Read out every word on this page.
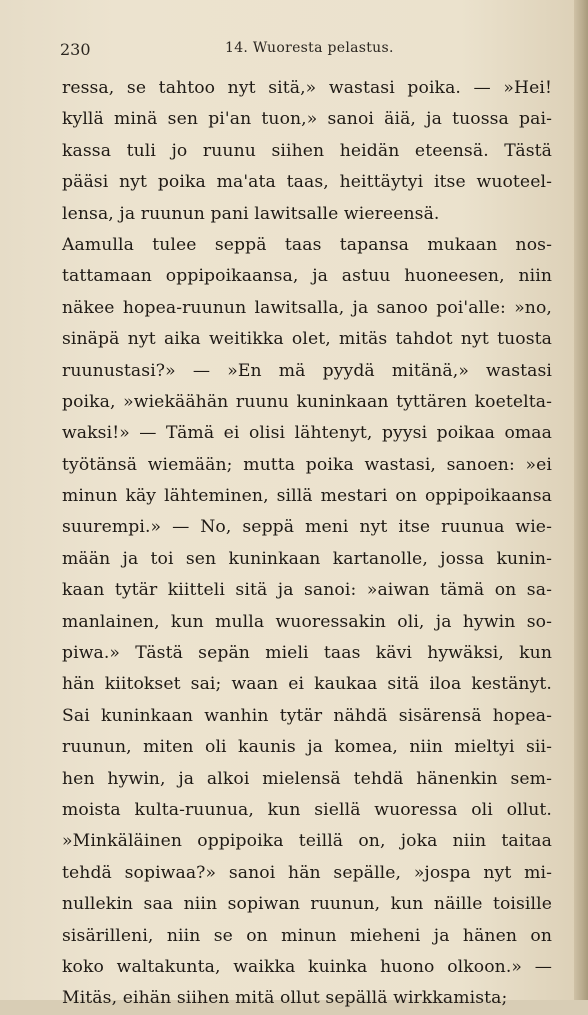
230	14. Wuoresta pelastus.
ressa, se tahtoo nyt sitä,» wastasi poika. — »Hei!
kyllä minä sen pi'an tuon,» sanoi äiä, ja tuossa pai-
kassa tuli jo ruunu siihen heidän eteensä. Tästä
pääsi nyt poika ma'ata taas, heittäytyi itse wuoteel-
lensa, ja ruunun pani lawitsalle wiereensä.
Aamulla tulee seppä taas tapansa mukaan nos-
tattamaan oppipoikaansa, ja astuu huoneesen, niin
näkee hopea-ruunun lawitsalla, ja sanoo poi'alle: »no,
sinäpä nyt aika weitikka olet, mitäs tahdot nyt tuosta
ruunustasi?» — »En mä pyydä mitänä,» wastasi
poika, »wiekäähän ruunu kuninkaan tyttären koetelta-
waksi!» — Tämä ei olisi lähtenyt, pyysi poikaa omaa
työtänsä wiemään; mutta poika wastasi, sanoen: »ei
minun käy lähteminen, sillä mestari on oppipoikaansa
suurempi.» — No, seppä meni nyt itse ruunua wie-
mään ja toi sen kuninkaan kartanolle, jossa kunin-
kaan tytär kiitteli sitä ja sanoi: »aiwan tämä on sa-
manlainen, kun mulla wuoressakin oli, ja hywin so-
piwa.» Tästä sepän mieli taas kävi hywäksi, kun
hän kiitokset sai; waan ei kaukaa sitä iloa kestänyt.
Sai kuninkaan wanhin tytär nähdä sisärensä hopea-
ruunun, miten oli kaunis ja komea, niin mieltyi sii-
hen hywin, ja alkoi mielensä tehdä hänenkin sem-
moista kulta-ruunua, kun siellä wuoressa oli ollut.
»Minkäläinen oppipoika teillä on, joka niin taitaa
tehdä sopiwaa?» sanoi hän sepälle, »jospa nyt mi-
nullekin saa niin sopiwan ruunun, kun näille toisille
sisärilleni, niin se on minun mieheni ja hänen on
koko waltakunta, waikka kuinka huono olkoon.» —
Mitäs, eihän siihen mitä ollut sepällä wirkkamista;
